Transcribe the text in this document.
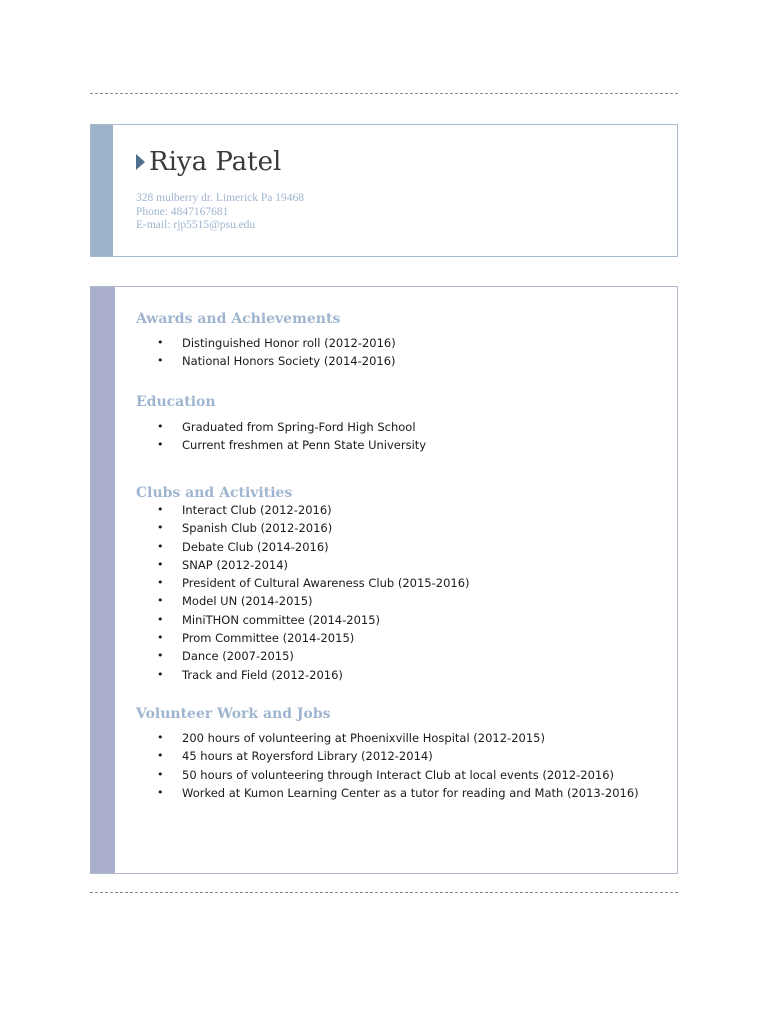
Riya Patel
328 mulberry dr. Limerick Pa 19468
Phone: 4847167681
E-mail: rjp5515@psu.edu
Awards and Achievements
• Distinguished Honor roll (2012-2016)
• National Honors Society (2014-2016)
Education
• Graduated from Spring-Ford High School
• Current freshmen at Penn State University
Clubs and Activities
• Interact Club (2012-2016)
• Spanish Club (2012-2016)
• Debate Club (2014-2016)
• SNAP (2012-2014)
• President of Cultural Awareness Club (2015-2016)
• Model UN (2014-2015)
• MiniTHON committee (2014-2015)
• Prom Committee (2014-2015)
• Dance (2007-2015)
• Track and Field (2012-2016)
Volunteer Work and Jobs
• 200 hours of volunteering at Phoenixville Hospital (2012-2015)
• 45 hours at Royersford Library (2012-2014)
• 50 hours of volunteering through Interact Club at local events (2012-2016)
• Worked at Kumon Learning Center as a tutor for reading and Math (2013-2016)
